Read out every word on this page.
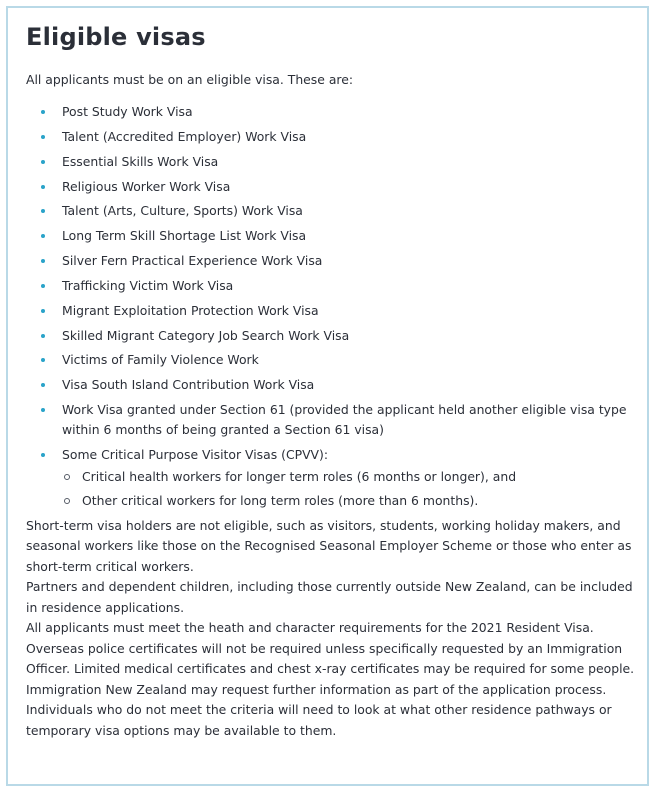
Eligible visas

All applicants must be on an eligible visa. These are:

Post Study Work Visa
Talent (Accredited Employer) Work Visa
Essential Skills Work Visa
Religious Worker Work Visa
Talent (Arts, Culture, Sports) Work Visa
Long Term Skill Shortage List Work Visa
Silver Fern Practical Experience Work Visa
Trafficking Victim Work Visa
Migrant Exploitation Protection Work Visa
Skilled Migrant Category Job Search Work Visa
Victims of Family Violence Work
Visa South Island Contribution Work Visa
Work Visa granted under Section 61 (provided the applicant held another eligible visa type within 6 months of being granted a Section 61 visa)
Some Critical Purpose Visitor Visas (CPVV):
Critical health workers for longer term roles (6 months or longer), and
Other critical workers for long term roles (more than 6 months).

Short-term visa holders are not eligible, such as visitors, students, working holiday makers, and seasonal workers like those on the Recognised Seasonal Employer Scheme or those who enter as short-term critical workers.

Partners and dependent children, including those currently outside New Zealand, can be included in residence applications.

All applicants must meet the heath and character requirements for the 2021 Resident Visa. Overseas police certificates will not be required unless specifically requested by an Immigration Officer. Limited medical certificates and chest x-ray certificates may be required for some people. Immigration New Zealand may request further information as part of the application process.

Individuals who do not meet the criteria will need to look at what other residence pathways or temporary visa options may be available to them.
